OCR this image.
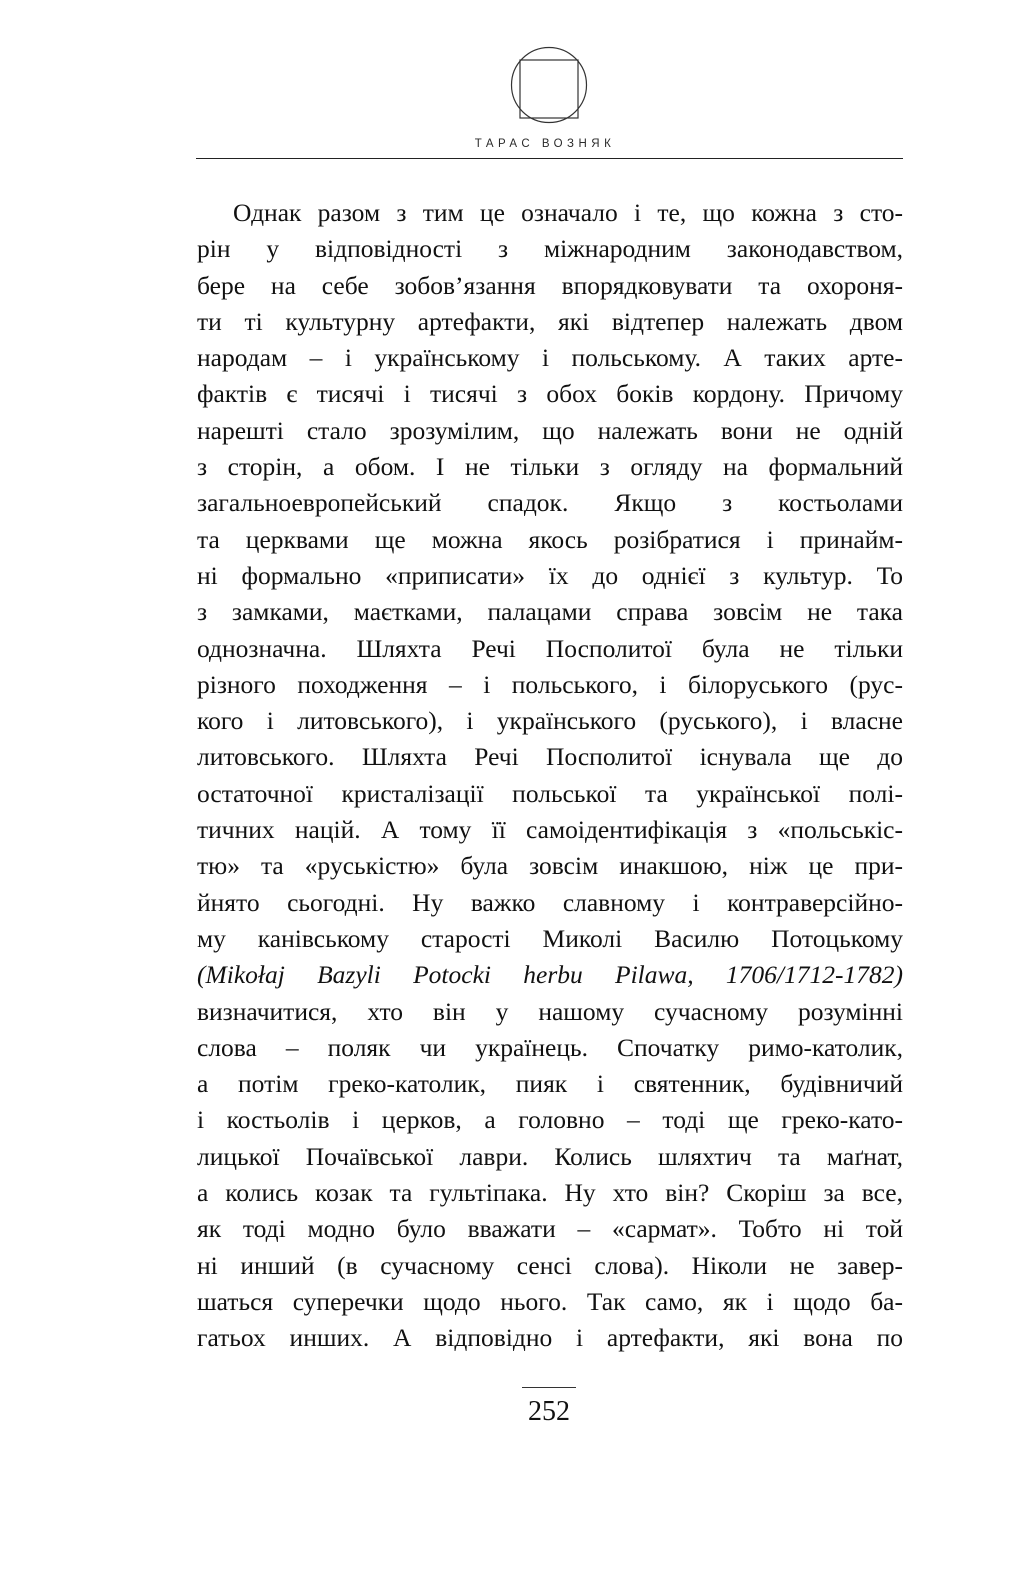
ТАРАС ВОЗНЯК
Однак разом з тим це означало і те, що кожна з сто-
рін у відповідності з міжнародним законодавством,
бере на себе зобов’язання впорядковувати та охороня-
ти ті культурну артефакти, які відтепер належать двом
народам – і українському і польському. А таких арте-
фактів є тисячі і тисячі з обох боків кордону. Причому
нарешті стало зрозумілим, що належать вони не одній
з сторін, а обом. І не тільки з огляду на формальний
загальноевропейський спадок. Якщо з костьолами
та церквами ще можна якось розібратися і принайм-
ні формально «приписати» їх до однієї з культур. То
з замками, маєтками, палацами справа зовсім не така
однозначна. Шляхта Речі Посполитої була не тільки
різного походження – і польського, і білоруського (рус-
кого і литовського), і українського (руського), і власне
литовського. Шляхта Речі Посполитої існувала ще до
остаточної кристалізації польської та української полі-
тичних націй. А тому її самоідентифікація з «польськіс-
тю» та «руськістю» була зовсім инакшою, ніж це при-
йнято сьогодні. Ну важко славному і контраверсійно-
му канівському старості Миколі Василю Потоцькому
(Mikołaj Bazyli Potocki herbu Pilawa, 1706/1712-1782)
визначитися, хто він у нашому сучасному розумінні
слова – поляк чи українець. Спочатку римо-католик,
а потім греко-католик, пияк і святенник, будівничий
і костьолів і церков, а головно – тоді ще греко-като-
лицької Почаївської лаври. Колись шляхтич та маґнат,
а колись козак та гультіпака. Ну хто він? Скоріш за все,
як тоді модно було вважати – «сармат». Тобто ні той
ні инший (в сучасному сенсі слова). Ніколи не завер-
шаться суперечки щодо нього. Так само, як і щодо ба-
гатьох инших. А відповідно і артефакти, які вона по
252
